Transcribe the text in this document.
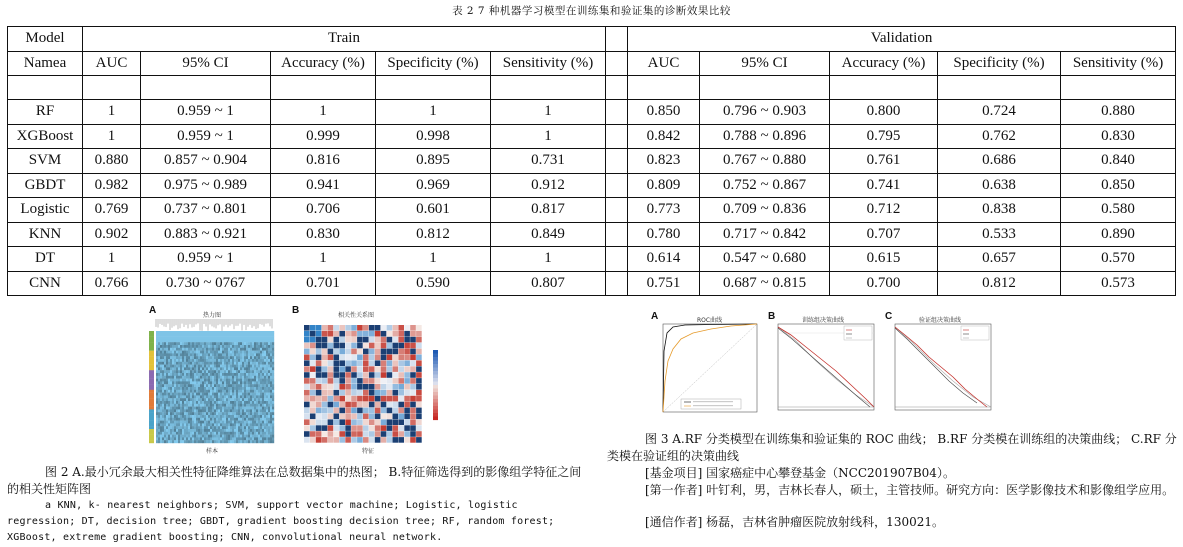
表 2 7 种机器学习模型在训练集和验证集的诊断效果比较
Model	Train						Validation				
Namea	AUC	95% CI	Accuracy (%)	Specificity (%)	Sensitivity (%)		AUC	95% CI	Accuracy (%)	Specificity (%)	Sensitivity (%)

RF	1	0.959 ~ 1	1	1	1		0.850	0.796 ~ 0.903	0.800	0.724	0.880
XGBoost	1	0.959 ~ 1	0.999	0.998	1		0.842	0.788 ~ 0.896	0.795	0.762	0.830
SVM	0.880	0.857 ~ 0.904	0.816	0.895	0.731		0.823	0.767 ~ 0.880	0.761	0.686	0.840
GBDT	0.982	0.975 ~ 0.989	0.941	0.969	0.912		0.809	0.752 ~ 0.867	0.741	0.638	0.850
Logistic	0.769	0.737 ~ 0.801	0.706	0.601	0.817		0.773	0.709 ~ 0.836	0.712	0.838	0.580
KNN	0.902	0.883 ~ 0.921	0.830	0.812	0.849		0.780	0.717 ~ 0.842	0.707	0.533	0.890
DT	1	0.959 ~ 1	1	1	1		0.614	0.547 ~ 0.680	0.615	0.657	0.570
CNN	0.766	0.730 ~ 0767	0.701	0.590	0.807		0.751	0.687 ~ 0.815	0.700	0.812	0.573
A	热力图
样本
B	相关性关系图
特征
图 2 A.最小冗余最大相关性特征降维算法在总数据集中的热图； B.特征筛选得到的影像组学特征之间的相关性矩阵图
a KNN, k- nearest neighbors; SVM, support vector machine; Logistic, logistic regression; DT, decision tree; GBDT, gradient boosting decision tree; RF, random forest; XGBoost, extreme gradient boosting; CNN, convolutional neural network.
A	ROC曲线	B	训练组决策曲线	C	验证组决策曲线
图 3 A.RF 分类模型在训练集和验证集的 ROC 曲线； B.RF 分类模在训练组的决策曲线； C.RF 分类模在验证组的决策曲线
[基金项目] 国家癌症中心攀登基金（NCC201907B04）。
[第一作者] 叶钉利，男，吉林长春人，硕士，主管技师。研究方向：医学影像技术和影像组学应用。
[通信作者] 杨磊，吉林省肿瘤医院放射线科，130021。
